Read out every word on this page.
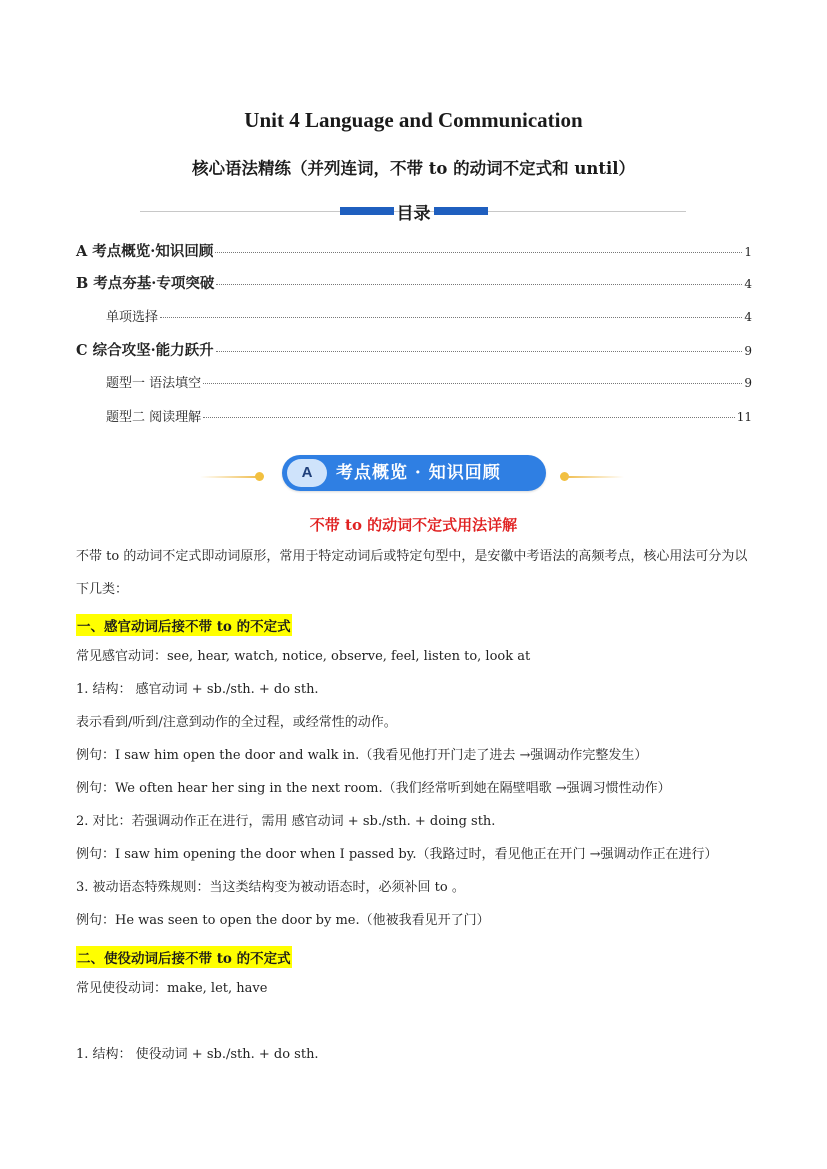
Unit 4 Language and Communication
核心语法精练（并列连词，不带 to 的动词不定式和 until）
目录
A 考点概览·知识回顾	1
B 考点夯基·专项突破	4
单项选择	4
C 综合攻坚·能力跃升	9
题型一 语法填空	9
题型二 阅读理解	11
A	考点概览 · 知识回顾
不带 to 的动词不定式用法详解
不带 to 的动词不定式即动词原形，常用于特定动词后或特定句型中，是安徽中考语法的高频考点，核心用法可分为以下几类：
一、感官动词后接不带 to 的不定式
常见感官动词：see, hear, watch, notice, observe, feel, listen to, look at
1. 结构： 感官动词 + sb./sth. + do sth.
表示看到/听到/注意到动作的全过程，或经常性的动作。
例句：I saw him open the door and walk in.（我看见他打开门走了进去 →强调动作完整发生）
例句：We often hear her sing in the next room.（我们经常听到她在隔壁唱歌 →强调习惯性动作）
2. 对比：若强调动作正在进行，需用 感官动词 + sb./sth. + doing sth.
例句：I saw him opening the door when I passed by.（我路过时，看见他正在开门 →强调动作正在进行）
3. 被动语态特殊规则：当这类结构变为被动语态时，必须补回 to 。
例句：He was seen to open the door by me.（他被我看见开了门）
二、使役动词后接不带 to 的不定式
常见使役动词：make, let, have
1. 结构： 使役动词 + sb./sth. + do sth.
